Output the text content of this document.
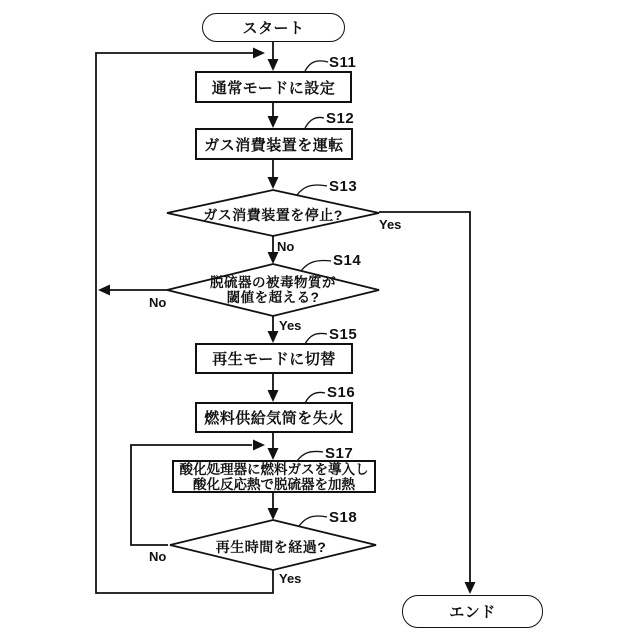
スタート
エンド
通常モードに設定
ガス消費装置を運転
再生モードに切替
燃料供給気筒を失火
酸化処理器に燃料ガスを導入し
酸化反応熱で脱硫器を加熱
ガス消費装置を停止?
脱硫器の被毒物質が
閾値を超える?
再生時間を経過?
S11
S12
S13
S14
S15
S16
S17
S18
Yes
No
No
Yes
No
Yes
